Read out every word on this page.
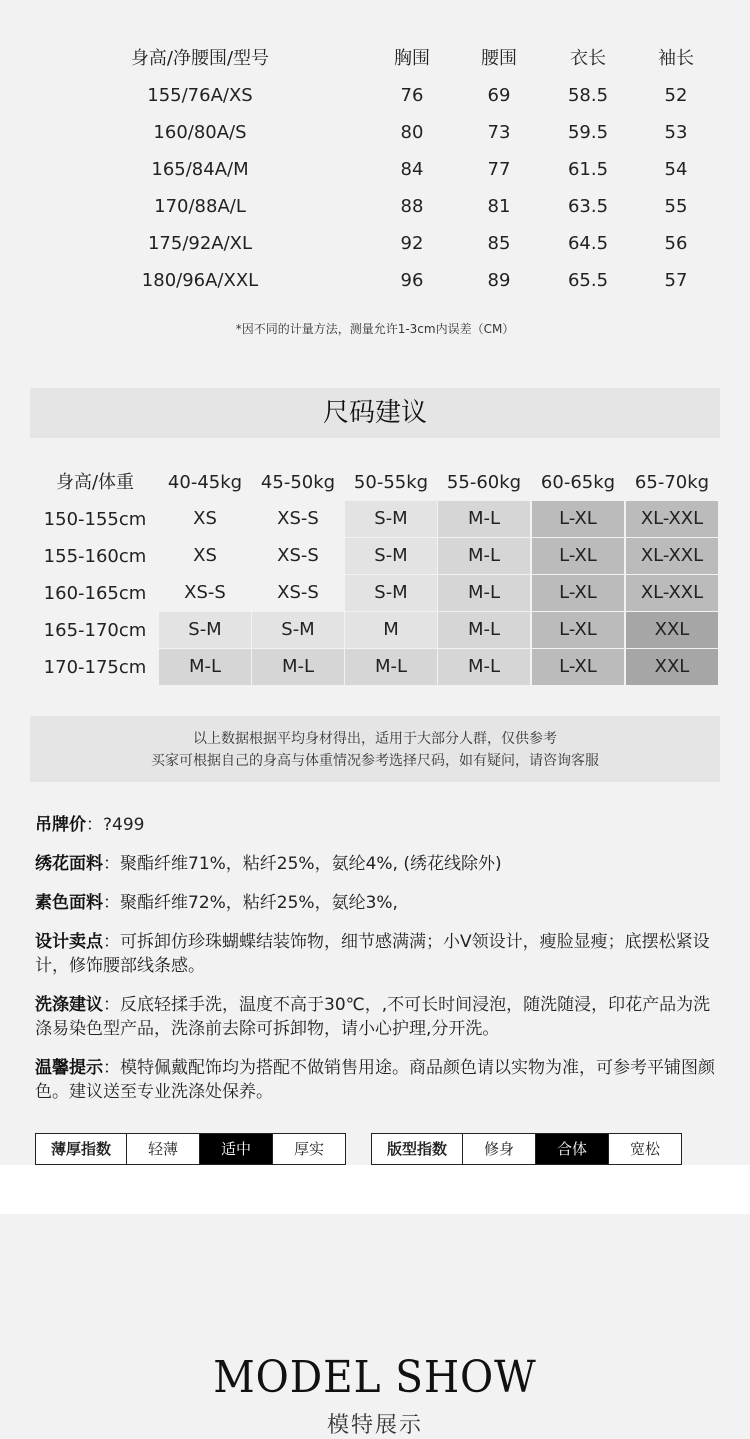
身高/净腰围/型号	胸围	腰围	衣长	袖长
155/76A/XS	76	69	58.5	52
160/80A/S	80	73	59.5	53
165/84A/M	84	77	61.5	54
170/88A/L	88	81	63.5	55
175/92A/XL	92	85	64.5	56
180/96A/XXL	96	89	65.5	57
*因不同的计量方法，测量允许1-3cm内误差（CM）
尺码建议
身高/体重	40-45kg	45-50kg	50-55kg	55-60kg	60-65kg	65-70kg
150-155cm	XS	XS-S	S-M	M-L	L-XL	XL-XXL
155-160cm	XS	XS-S	S-M	M-L	L-XL	XL-XXL
160-165cm	XS-S	XS-S	S-M	M-L	L-XL	XL-XXL
165-170cm	S-M	S-M	M	M-L	L-XL	XXL
170-175cm	M-L	M-L	M-L	M-L	L-XL	XXL
以上数据根据平均身材得出，适用于大部分人群，仅供参考
买家可根据自己的身高与体重情况参考选择尺码，如有疑问，请咨询客服
吊牌价：?499
绣花面料：聚酯纤维71%，粘纤25%，氨纶4%, (绣花线除外)
素色面料：聚酯纤维72%，粘纤25%，氨纶3%,
设计卖点：可拆卸仿珍珠蝴蝶结装饰物，细节感满满；小V领设计，瘦脸显瘦；底摆松紧设计，修饰腰部线条感。
洗涤建议：反底轻揉手洗，温度不高于30℃，,不可长时间浸泡，随洗随浸，印花产品为洗涤易染色型产品，洗涤前去除可拆卸物，请小心护理,分开洗。
温馨提示：模特佩戴配饰均为搭配不做销售用途。商品颜色请以实物为准，可参考平铺图颜色。建议送至专业洗涤处保养。
薄厚指数	轻薄	适中	厚实	版型指数	修身	合体	宽松
MODEL SHOW
模特展示
